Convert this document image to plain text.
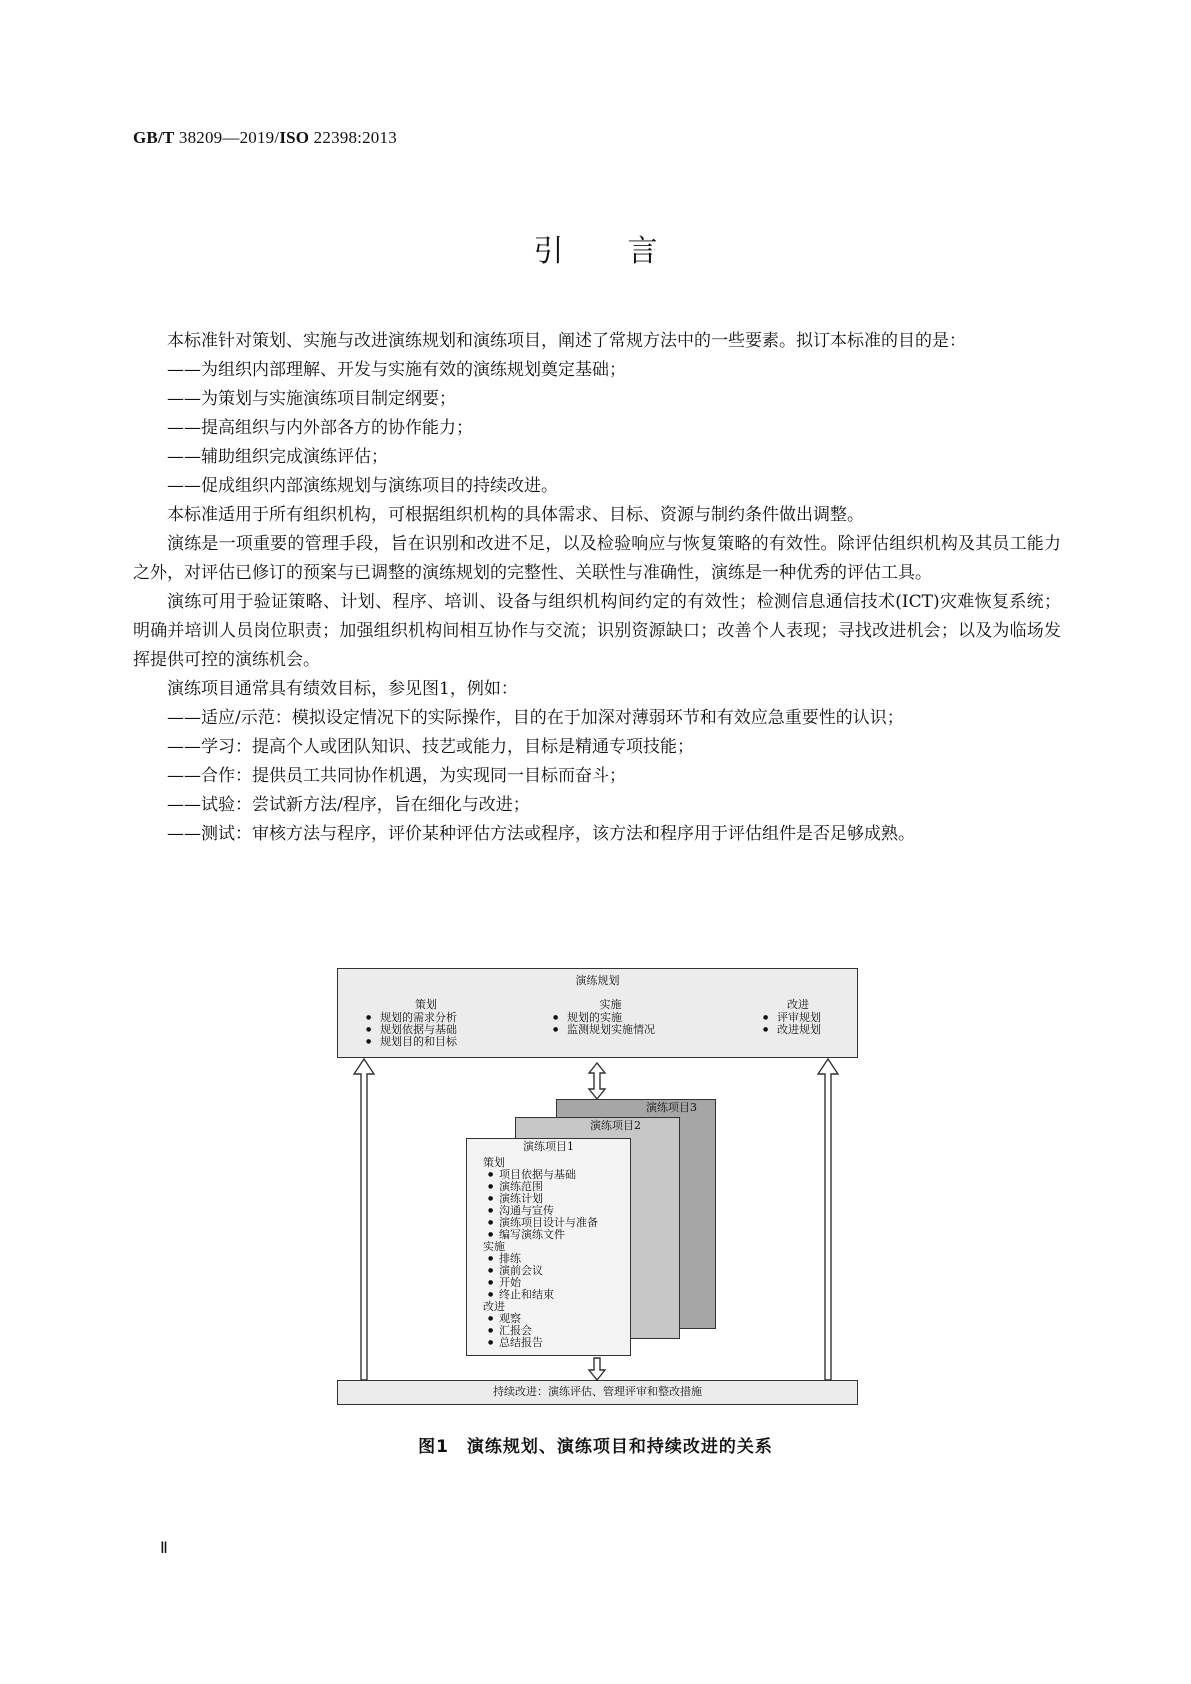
GB/T 38209—2019/ISO 22398:2013
引言

本标准针对策划、实施与改进演练规划和演练项目，阐述了常规方法中的一些要素。拟订本标准的目的是：

——为组织内部理解、开发与实施有效的演练规划奠定基础；

——为策划与实施演练项目制定纲要；

——提高组织与内外部各方的协作能力；

——辅助组织完成演练评估；

——促成组织内部演练规划与演练项目的持续改进。

本标准适用于所有组织机构，可根据组织机构的具体需求、目标、资源与制约条件做出调整。

演练是一项重要的管理手段，旨在识别和改进不足，以及检验响应与恢复策略的有效性。除评估组织机构及其员工能力之外，对评估已修订的预案与已调整的演练规划的完整性、关联性与准确性，演练是一种优秀的评估工具。

演练可用于验证策略、计划、程序、培训、设备与组织机构间约定的有效性；检测信息通信技术(ICT)灾难恢复系统；明确并培训人员岗位职责；加强组织机构间相互协作与交流；识别资源缺口；改善个人表现；寻找改进机会；以及为临场发挥提供可控的演练机会。

演练项目通常具有绩效目标，参见图1，例如：

——适应/示范：模拟设定情况下的实际操作，目的在于加深对薄弱环节和有效应急重要性的认识；

——学习：提高个人或团队知识、技艺或能力，目标是精通专项技能；

——合作：提供员工共同协作机遇，为实现同一目标而奋斗；

——试验：尝试新方法/程序，旨在细化与改进；

——测试：审核方法与程序，评价某种评估方法或程序，该方法和程序用于评估组件是否足够成熟。

演练规划
策划
● 规划的需求分析
● 规划依据与基础
● 规划目的和目标
实施
● 规划的实施
● 监测规划实施情况
改进
● 评审规划
● 改进规划
演练项目3
演练项目2
演练项目1
策划
● 项目依据与基础
● 演练范围
● 演练计划
● 沟通与宣传
● 演练项目设计与准备
● 编写演练文件
实施
● 排练
● 演前会议
● 开始
● 终止和结束
改进
● 观察
● 汇报会
● 总结报告
持续改进：演练评估、管理评审和整改措施
图1　演练规划、演练项目和持续改进的关系
Ⅱ
